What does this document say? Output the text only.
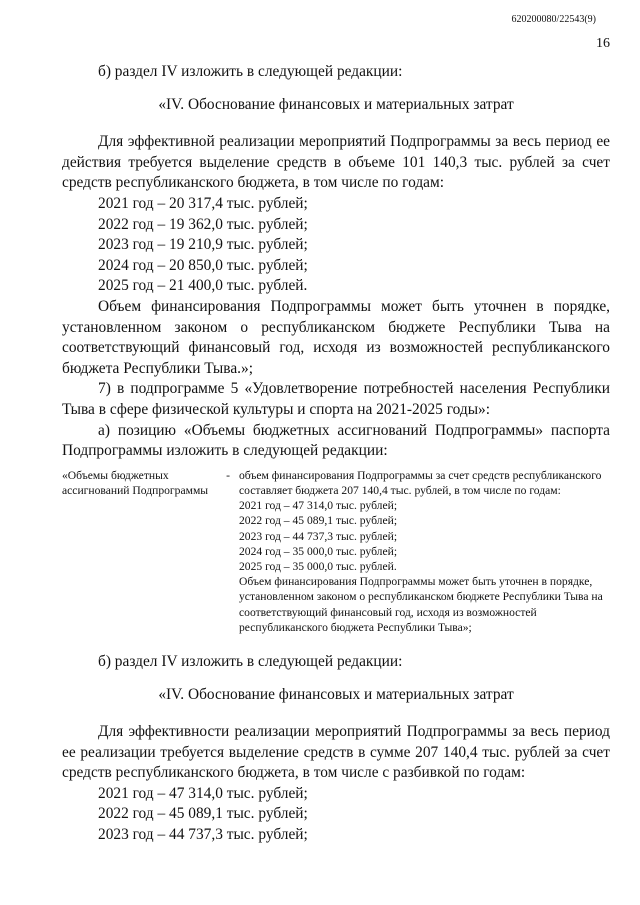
620200080/22543(9)
16

б) раздел IV изложить в следующей редакции:

«IV. Обоснование финансовых и материальных затрат

Для эффективной реализации мероприятий Подпрограммы за весь период ее действия требуется выделение средств в объеме 101 140,3 тыс. рублей за счет средств республиканского бюджета, в том числе по годам:

2021 год – 20 317,4 тыс. рублей;
2022 год – 19 362,0 тыс. рублей;
2023 год – 19 210,9 тыс. рублей;
2024 год – 20 850,0 тыс. рублей;
2025 год – 21 400,0 тыс. рублей.

Объем финансирования Подпрограммы может быть уточнен в порядке, установленном законом о республиканском бюджете Республики Тыва на соответствующий финансовый год, исходя из возможностей республиканского бюджета Республики Тыва.»;

7) в подпрограмме 5 «Удовлетворение потребностей населения Республики Тыва в сфере физической культуры и спорта на 2021-2025 годы»:

а) позицию «Объемы бюджетных ассигнований Подпрограммы» паспорта Подпрограммы изложить в следующей редакции:

«Объемы бюджетных ассигнований Подпрограммы	-	объем финансирования Подпрограммы за счет средств республиканского составляет бюджета 207 140,4 тыс. рублей, в том числе по годам:
2021 год – 47 314,0 тыс. рублей;
2022 год – 45 089,1 тыс. рублей;
2023 год – 44 737,3 тыс. рублей;
2024 год – 35 000,0 тыс. рублей;
2025 год – 35 000,0 тыс. рублей.
Объем финансирования Подпрограммы может быть уточнен в порядке, установленном законом о республиканском бюджете Республики Тыва на соответствующий финансовый год, исходя из возможностей республиканского бюджета Республики Тыва»;

б) раздел IV изложить в следующей редакции:

«IV. Обоснование финансовых и материальных затрат

Для эффективности реализации мероприятий Подпрограммы за весь период ее реализации требуется выделение средств в сумме 207 140,4 тыс. рублей за счет средств республиканского бюджета, в том числе с разбивкой по годам:

2021 год – 47 314,0 тыс. рублей;
2022 год – 45 089,1 тыс. рублей;
2023 год – 44 737,3 тыс. рублей;
